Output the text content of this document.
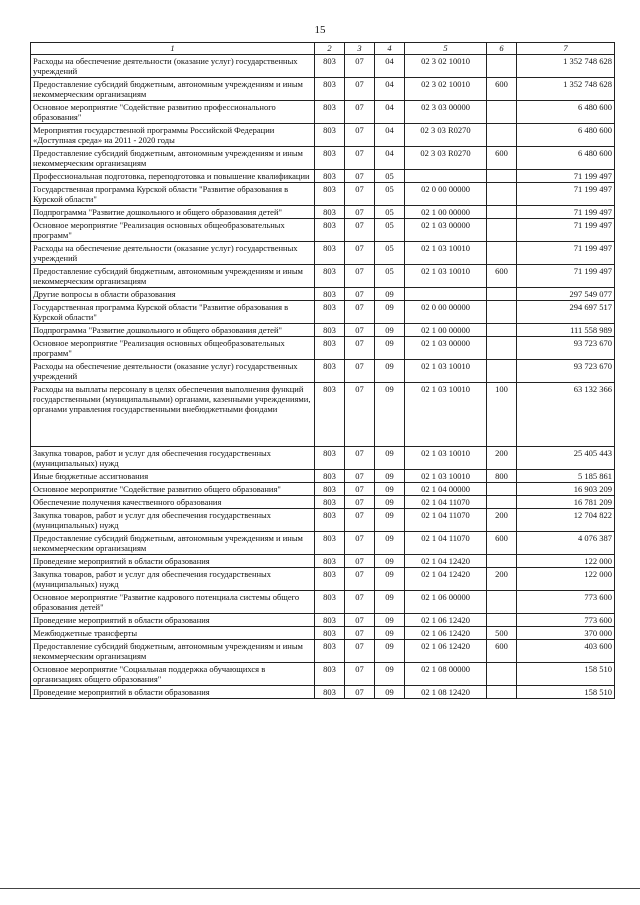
15
1	2	3	4	5	6	7
Расходы на обеспечение деятельности (оказание услуг) государственных учреждений	803	07	04	02 3 02 10010		1 352 748 628
Предоставление субсидий бюджетным, автономным учреждениям и иным некоммерческим организациям	803	07	04	02 3 02 10010	600	1 352 748 628
Основное мероприятие "Содействие развитию профессионального образования"	803	07	04	02 3 03 00000		6 480 600
Мероприятия государственной программы Российской Федерации «Доступная среда» на 2011 - 2020 годы	803	07	04	02 3 03 R0270		6 480 600
Предоставление субсидий бюджетным, автономным учреждениям и иным некоммерческим организациям	803	07	04	02 3 03 R0270	600	6 480 600
Профессиональная подготовка, переподготовка и повышение квалификации	803	07	05			71 199 497
Государственная программа Курской области "Развитие образования в Курской области"	803	07	05	02 0 00 00000		71 199 497
Подпрограмма "Развитие дошкольного и общего образования детей"	803	07	05	02 1 00 00000		71 199 497
Основное мероприятие "Реализация основных общеобразовательных программ"	803	07	05	02 1 03 00000		71 199 497
Расходы на обеспечение деятельности (оказание услуг) государственных учреждений	803	07	05	02 1 03 10010		71 199 497
Предоставление субсидий бюджетным, автономным учреждениям и иным некоммерческим организациям	803	07	05	02 1 03 10010	600	71 199 497
Другие вопросы в области образования	803	07	09			297 549 077
Государственная программа Курской области "Развитие образования в Курской области"	803	07	09	02 0 00 00000		294 697 517
Подпрограмма "Развитие дошкольного и общего образования детей"	803	07	09	02 1 00 00000		111 558 989
Основное мероприятие "Реализация основных общеобразовательных программ"	803	07	09	02 1 03 00000		93 723 670
Расходы на обеспечение деятельности (оказание услуг) государственных учреждений	803	07	09	02 1 03 10010		93 723 670
Расходы на выплаты персоналу в целях обеспечения выполнения функций государственными (муниципальными) органами, казенными учреждениями, органами управления государственными внебюджетными фондами	803	07	09	02 1 03 10010	100	63 132 366
Закупка товаров, работ и услуг для обеспечения государственных (муниципальных) нужд	803	07	09	02 1 03 10010	200	25 405 443
Иные бюджетные ассигнования	803	07	09	02 1 03 10010	800	5 185 861
Основное мероприятие "Содействие развитию общего образования"	803	07	09	02 1 04 00000		16 903 209
Обеспечение получения качественного образования	803	07	09	02 1 04 11070		16 781 209
Закупка товаров, работ и услуг для обеспечения государственных (муниципальных) нужд	803	07	09	02 1 04 11070	200	12 704 822
Предоставление субсидий бюджетным, автономным учреждениям и иным некоммерческим организациям	803	07	09	02 1 04 11070	600	4 076 387
Проведение мероприятий в области образования	803	07	09	02 1 04 12420		122 000
Закупка товаров, работ и услуг для обеспечения государственных (муниципальных) нужд	803	07	09	02 1 04 12420	200	122 000
Основное мероприятие "Развитие кадрового потенциала системы общего образования детей"	803	07	09	02 1 06 00000		773 600
Проведение мероприятий в области образования	803	07	09	02 1 06 12420		773 600
Межбюджетные трансферты	803	07	09	02 1 06 12420	500	370 000
Предоставление субсидий бюджетным, автономным учреждениям и иным некоммерческим организациям	803	07	09	02 1 06 12420	600	403 600
Основное мероприятие "Социальная поддержка обучающихся в организациях общего образования"	803	07	09	02 1 08 00000		158 510
Проведение мероприятий в области образования	803	07	09	02 1 08 12420		158 510
